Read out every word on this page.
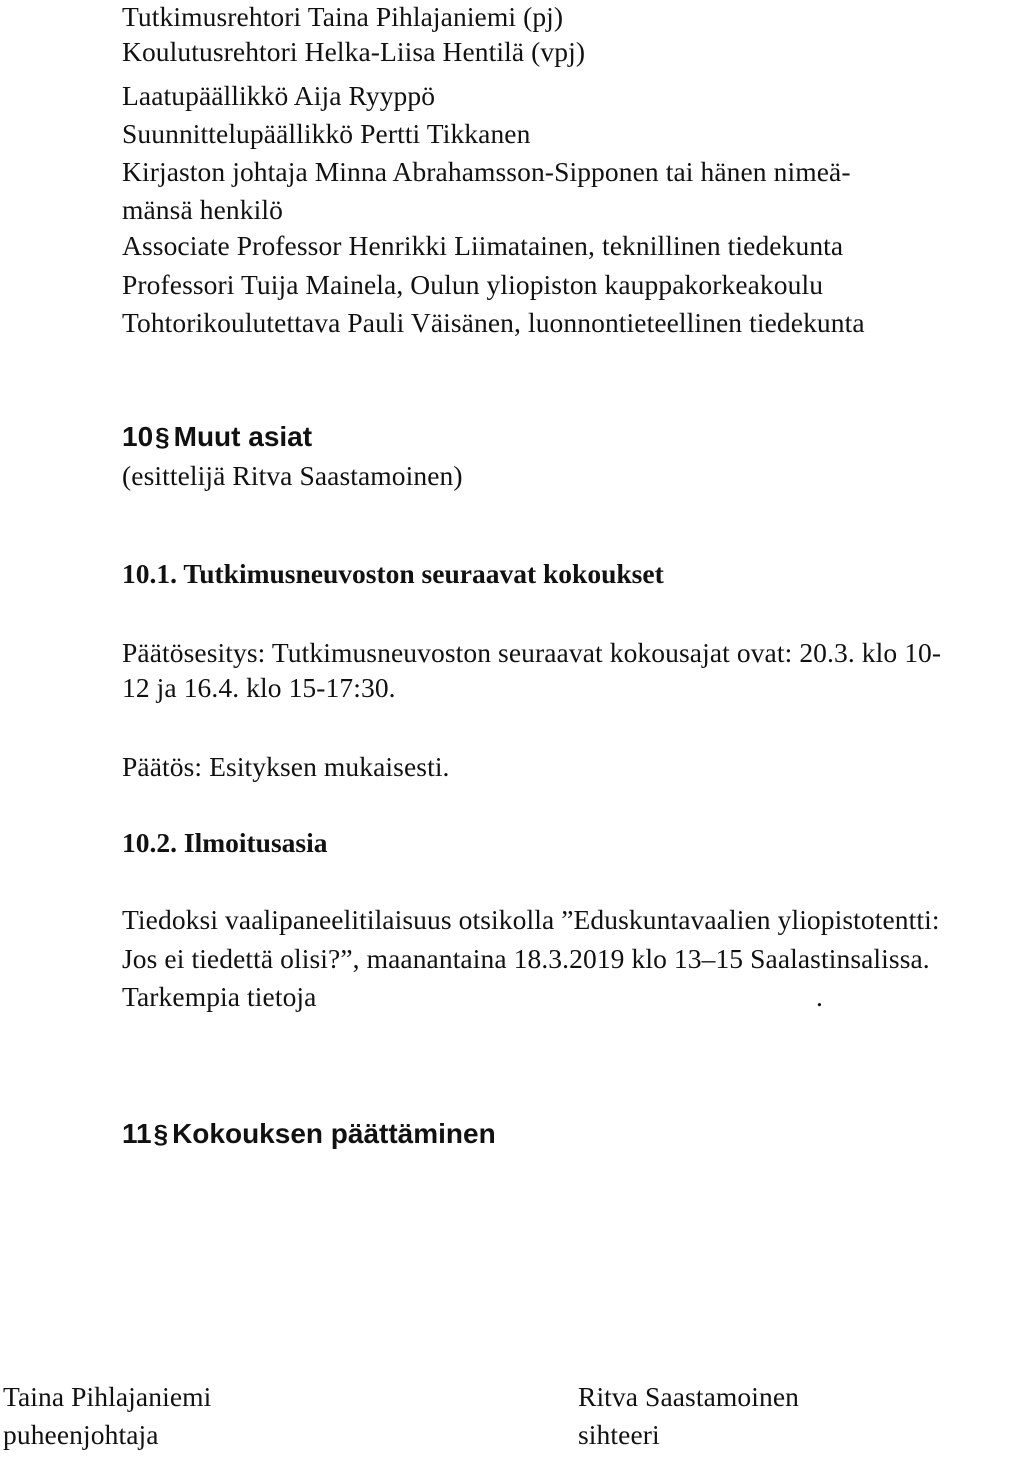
Tutkimusrehtori Taina Pihlajaniemi (pj)
Koulutusrehtori Helka-Liisa Hentilä (vpj)
Laatupäällikkö Aija Ryyppö
Suunnittelupäällikkö Pertti Tikkanen
Kirjaston johtaja Minna Abrahamsson-Sipponen tai hänen nimeä-
mänsä henkilö
Associate Professor Henrikki Liimatainen, teknillinen tiedekunta
Professori Tuija Mainela, Oulun yliopiston kauppakorkeakoulu
Tohtorikoulutettava Pauli Väisänen, luonnontieteellinen tiedekunta
10§ Muut asiat
(esittelijä Ritva Saastamoinen)
10.1. Tutkimusneuvoston seuraavat kokoukset
Päätösesitys: Tutkimusneuvoston seuraavat kokousajat ovat: 20.3. klo 10-
12 ja 16.4. klo 15-17:30.
Päätös: Esityksen mukaisesti.
10.2. Ilmoitusasia
Tiedoksi vaalipaneelitilaisuus otsikolla ”Eduskuntavaalien yliopistotentti:
Jos ei tiedettä olisi?”, maanantaina 18.3.2019 klo 13–15 Saalastinsalissa.
Tarkempia tietoja	.
11§ Kokouksen päättäminen
Taina Pihlajaniemi
puheenjohtaja
Ritva Saastamoinen
sihteeri
